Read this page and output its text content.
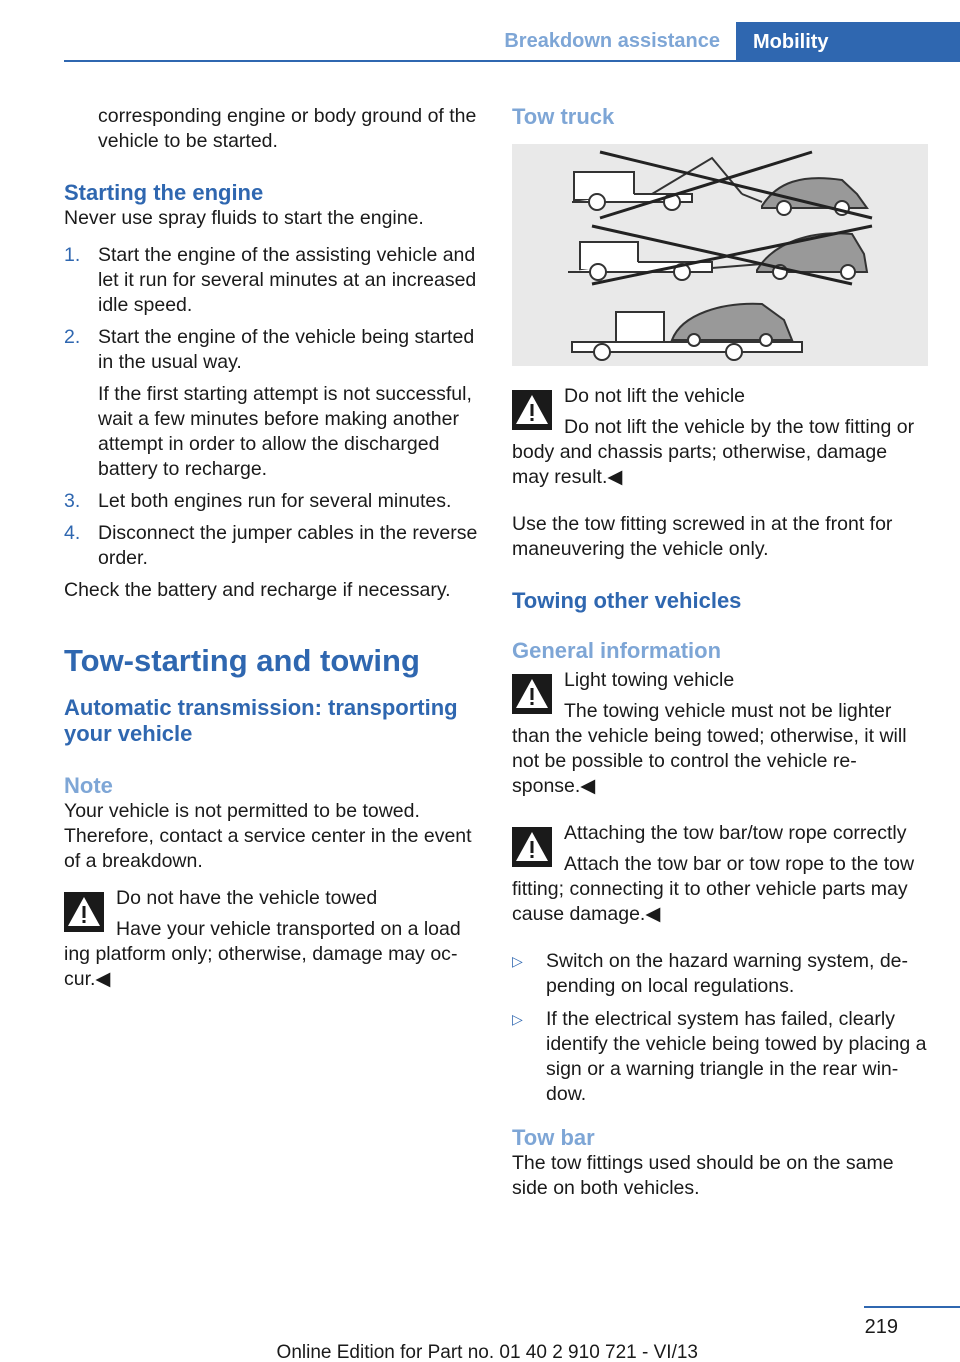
Breakdown assistance	Mobility
corresponding engine or body ground of the vehicle to be started.
Starting the engine
Never use spray fluids to start the engine.
1. Start the engine of the assisting vehicle and let it run for several minutes at an increased idle speed.
2. Start the engine of the vehicle being started in the usual way.
If the first starting attempt is not successful, wait a few minutes before making another attempt in order to allow the discharged battery to recharge.
3. Let both engines run for several minutes.
4. Disconnect the jumper cables in the reverse order.
Check the battery and recharge if necessary.
Tow-starting and towing
Automatic transmission: transporting your vehicle
Note
Your vehicle is not permitted to be towed. Therefore, contact a service center in the event of a breakdown.
Do not have the vehicle towed
Have your vehicle transported on a load
ing platform only; otherwise, damage may occur.◀
Tow truck
Do not lift the vehicle
Do not lift the vehicle by the tow fitting or
body and chassis parts; otherwise, damage may result.◀
Use the tow fitting screwed in at the front for maneuvering the vehicle only.
Towing other vehicles
General information
Light towing vehicle
The towing vehicle must not be lighter
than the vehicle being towed; otherwise, it will not be possible to control the vehicle response.◀
Attaching the tow bar/tow rope correctly
Attach the tow bar or tow rope to the tow
fitting; connecting it to other vehicle parts may cause damage.◀
▷	Switch on the hazard warning system, depending on local regulations.
▷	If the electrical system has failed, clearly identify the vehicle being towed by placing a sign or a warning triangle in the rear window.
Tow bar
The tow fittings used should be on the same side on both vehicles.
219
Online Edition for Part no. 01 40 2 910 721 - VI/13
